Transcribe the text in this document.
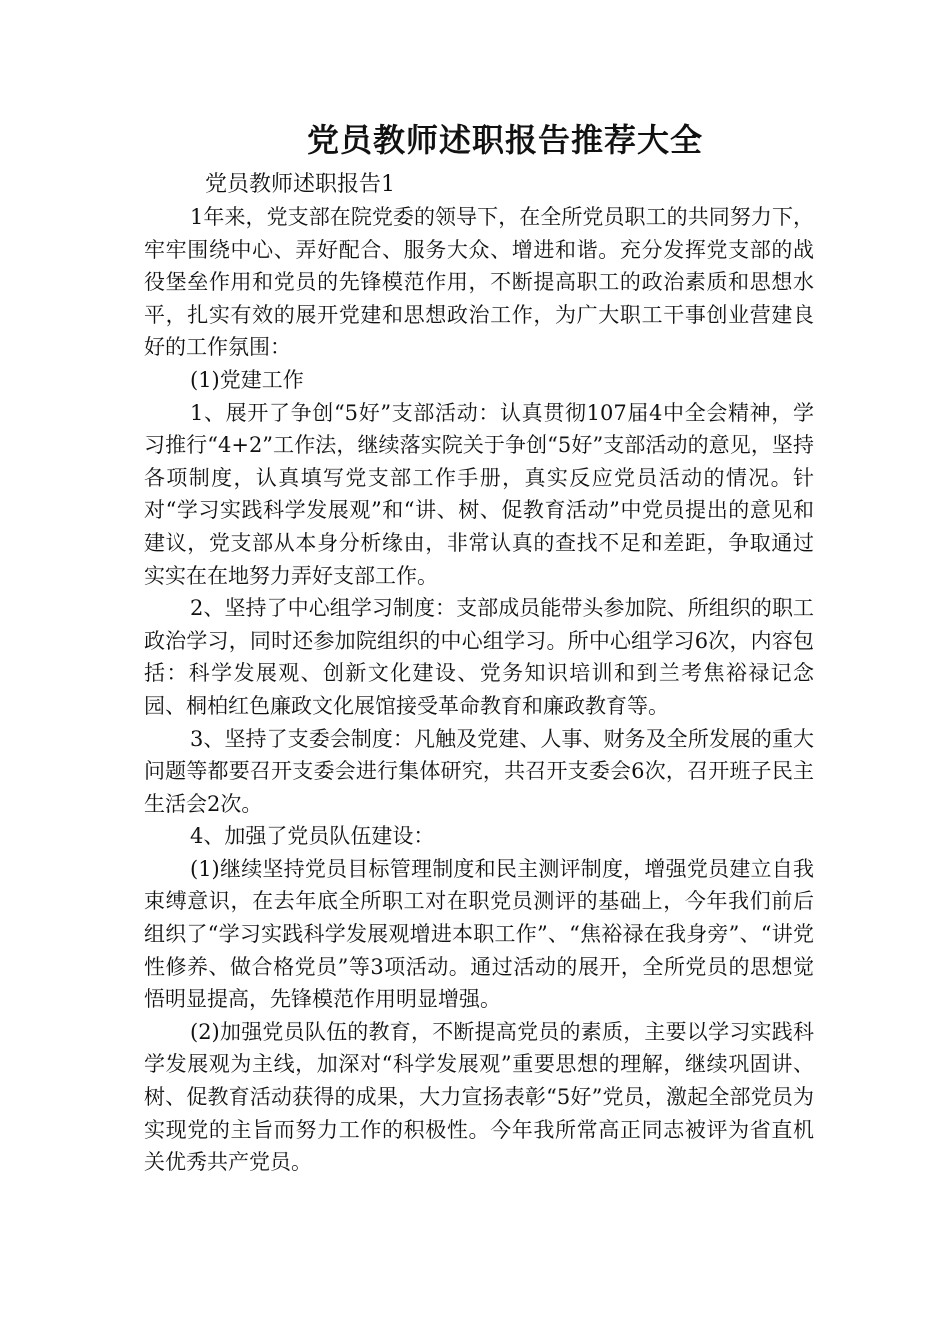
党员教师述职报告推荐大全
党员教师述职报告1

1年来，党支部在院党委的领导下，在全所党员职工的共同努力下，牢牢围绕中心、弄好配合、服务大众、增进和谐。充分发挥党支部的战役堡垒作用和党员的先锋模范作用，不断提高职工的政治素质和思想水平，扎实有效的展开党建和思想政治工作，为广大职工干事创业营建良好的工作氛围：

(1)党建工作

1、展开了争创“5好”支部活动：认真贯彻107届4中全会精神，学习推行“4+2”工作法，继续落实院关于争创“5好”支部活动的意见，坚持各项制度，认真填写党支部工作手册，真实反应党员活动的情况。针对“学习实践科学发展观”和“讲、树、促教育活动”中党员提出的意见和建议，党支部从本身分析缘由，非常认真的查找不足和差距，争取通过实实在在地努力弄好支部工作。

2、坚持了中心组学习制度：支部成员能带头参加院、所组织的职工政治学习，同时还参加院组织的中心组学习。所中心组学习6次，内容包括：科学发展观、创新文化建设、党务知识培训和到兰考焦裕禄记念园、桐柏红色廉政文化展馆接受革命教育和廉政教育等。

3、坚持了支委会制度：凡触及党建、人事、财务及全所发展的重大问题等都要召开支委会进行集体研究，共召开支委会6次，召开班子民主生活会2次。

4、加强了党员队伍建设：

(1)继续坚持党员目标管理制度和民主测评制度，增强党员建立自我束缚意识，在去年底全所职工对在职党员测评的基础上，今年我们前后组织了“学习实践科学发展观增进本职工作”、“焦裕禄在我身旁”、“讲党性修养、做合格党员”等3项活动。通过活动的展开，全所党员的思想觉悟明显提高，先锋模范作用明显增强。

(2)加强党员队伍的教育，不断提高党员的素质，主要以学习实践科学发展观为主线，加深对“科学发展观”重要思想的理解，继续巩固讲、树、促教育活动获得的成果，大力宣扬表彰“5好”党员，激起全部党员为实现党的主旨而努力工作的积极性。今年我所常高正同志被评为省直机关优秀共产党员。
